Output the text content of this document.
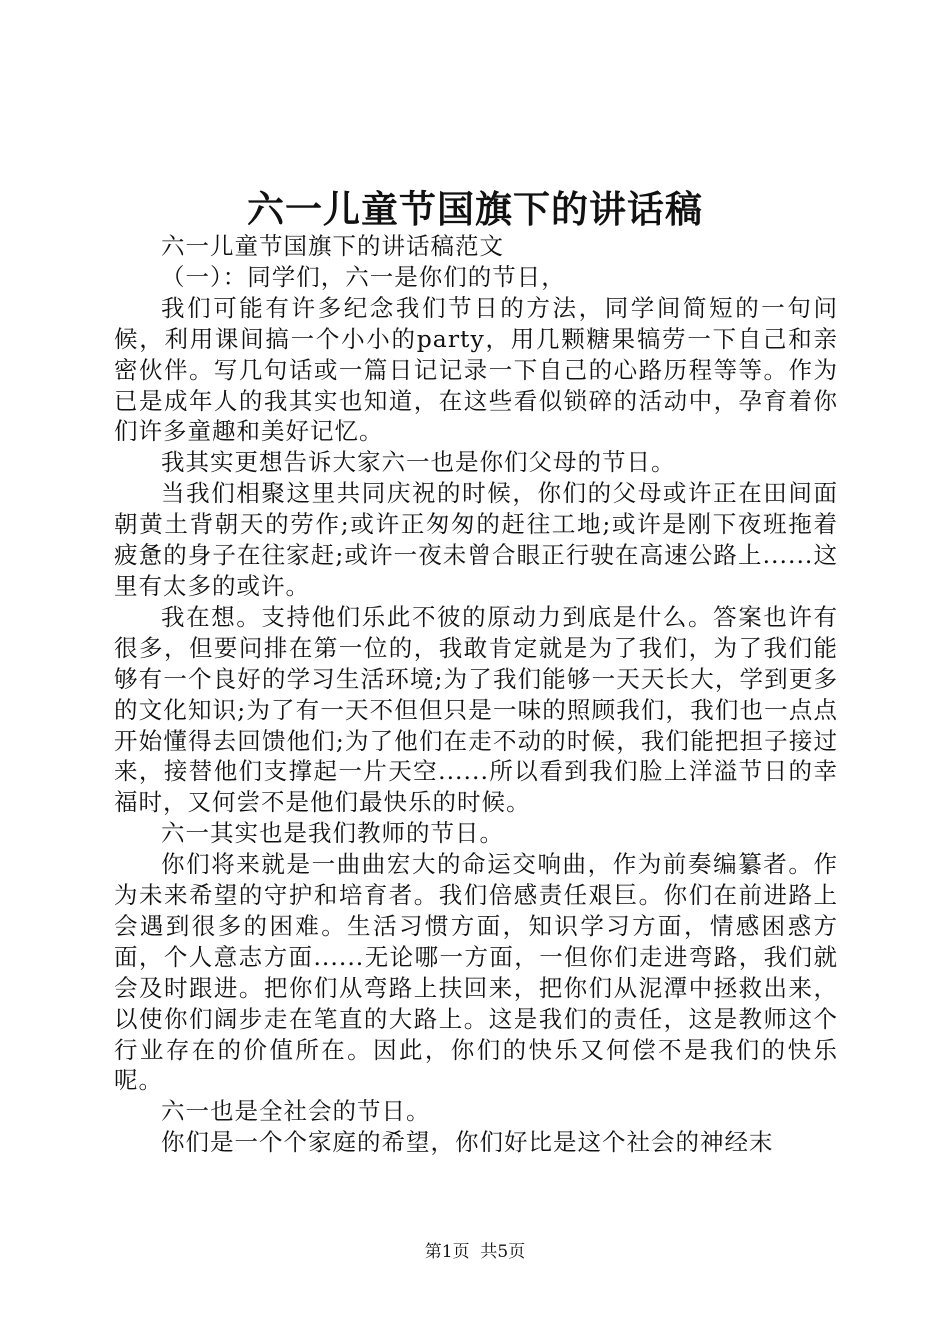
六一儿童节国旗下的讲话稿

六一儿童节国旗下的讲话稿范文

（一）：同学们，六一是你们的节日，

我们可能有许多纪念我们节日的方法，同学间简短的一句问候，利用课间搞一个小小的party，用几颗糖果犒劳一下自己和亲密伙伴。写几句话或一篇日记记录一下自己的心路历程等等。作为已是成年人的我其实也知道，在这些看似锁碎的活动中，孕育着你们许多童趣和美好记忆。

我其实更想告诉大家六一也是你们父母的节日。

当我们相聚这里共同庆祝的时候，你们的父母或许正在田间面朝黄土背朝天的劳作;或许正匆匆的赶往工地;或许是刚下夜班拖着疲惫的身子在往家赶;或许一夜未曾合眼正行驶在高速公路上......这里有太多的或许。

我在想。支持他们乐此不彼的原动力到底是什么。答案也许有很多，但要问排在第一位的，我敢肯定就是为了我们，为了我们能够有一个良好的学习生活环境;为了我们能够一天天长大，学到更多的文化知识;为了有一天不但但只是一味的照顾我们，我们也一点点开始懂得去回馈他们;为了他们在走不动的时候，我们能把担子接过来，接替他们支撑起一片天空......所以看到我们脸上洋溢节日的幸福时，又何尝不是他们最快乐的时候。

六一其实也是我们教师的节日。

你们将来就是一曲曲宏大的命运交响曲，作为前奏编纂者。作为未来希望的守护和培育者。我们倍感责任艰巨。你们在前进路上会遇到很多的困难。生活习惯方面，知识学习方面，情感困惑方面，个人意志方面......无论哪一方面，一但你们走进弯路，我们就会及时跟进。把你们从弯路上扶回来，把你们从泥潭中拯救出来，以使你们阔步走在笔直的大路上。这是我们的责任，这是教师这个行业存在的价值所在。因此，你们的快乐又何偿不是我们的快乐呢。

六一也是全社会的节日。

你们是一个个家庭的希望，你们好比是这个社会的神经末

第1页 共5页
